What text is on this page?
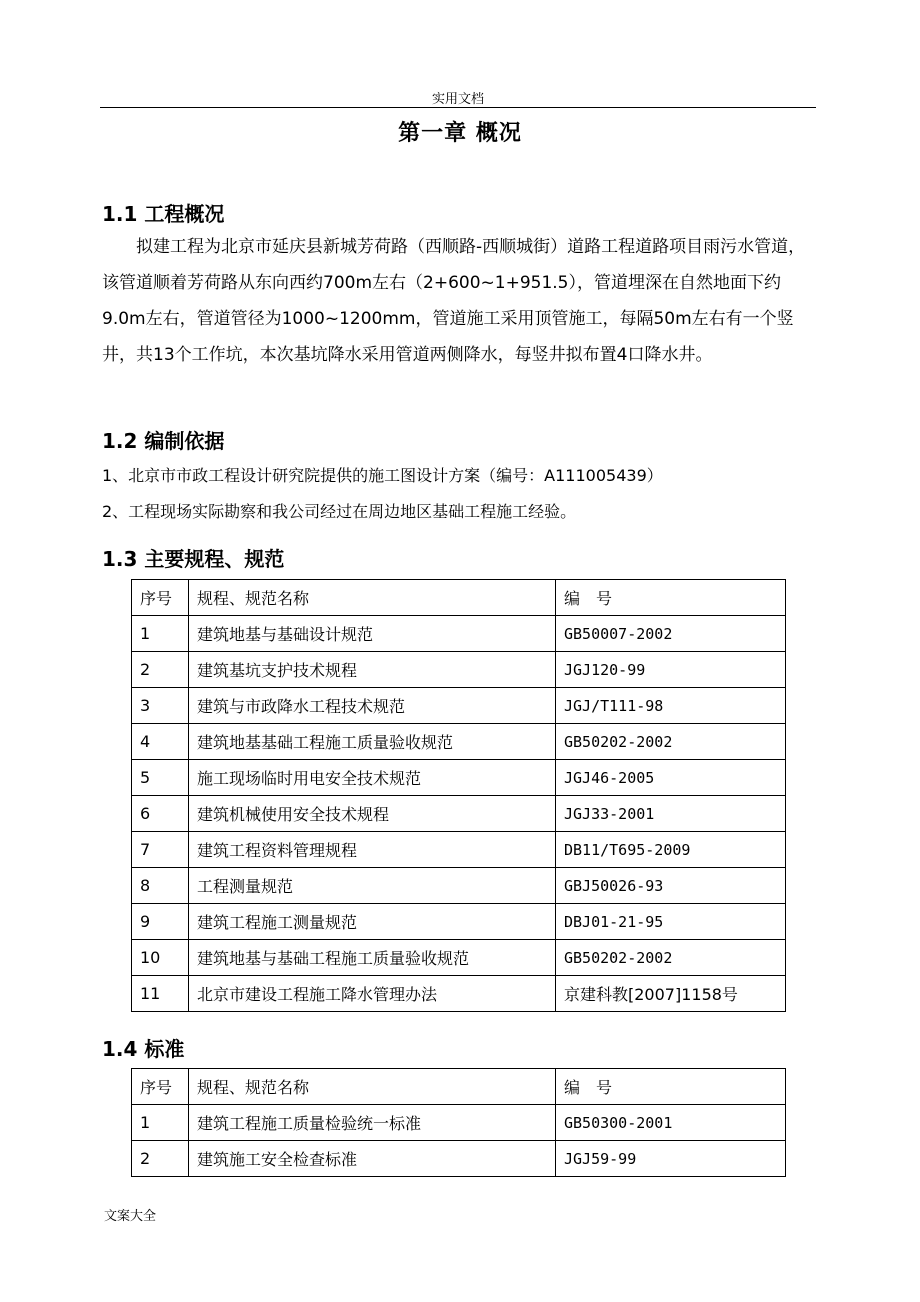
实用文档
第一章 概况
1.1 工程概况

拟建工程为北京市延庆县新城芳荷路（西顺路-西顺城街）道路工程道路项目雨污水管道，该管道顺着芳荷路从东向西约700m左右（2+600~1+951.5），管道埋深在自然地面下约9.0m左右，管道管径为1000~1200mm，管道施工采用顶管施工，每隔50m左右有一个竖井，共13个工作坑，本次基坑降水采用管道两侧降水，每竖井拟布置4口降水井。

1.2 编制依据

1、北京市市政工程设计研究院提供的施工图设计方案（编号：A111005439）

2、工程现场实际勘察和我公司经过在周边地区基础工程施工经验。

1.3 主要规程、规范
序号	规程、规范名称	编　号
1	建筑地基与基础设计规范	GB50007-2002
2	建筑基坑支护技术规程	JGJ120-99
3	建筑与市政降水工程技术规范	JGJ/T111-98
4	建筑地基基础工程施工质量验收规范	GB50202-2002
5	施工现场临时用电安全技术规范	JGJ46-2005
6	建筑机械使用安全技术规程	JGJ33-2001
7	建筑工程资料管理规程	DB11/T695-2009
8	工程测量规范	GBJ50026-93
9	建筑工程施工测量规范	DBJ01-21-95
10	建筑地基与基础工程施工质量验收规范	GB50202-2002
11	北京市建设工程施工降水管理办法	京建科教[2007]1158号
1.4 标准
序号	规程、规范名称	编　号
1	建筑工程施工质量检验统一标准	GB50300-2001
2	建筑施工安全检查标准	JGJ59-99
文案大全
